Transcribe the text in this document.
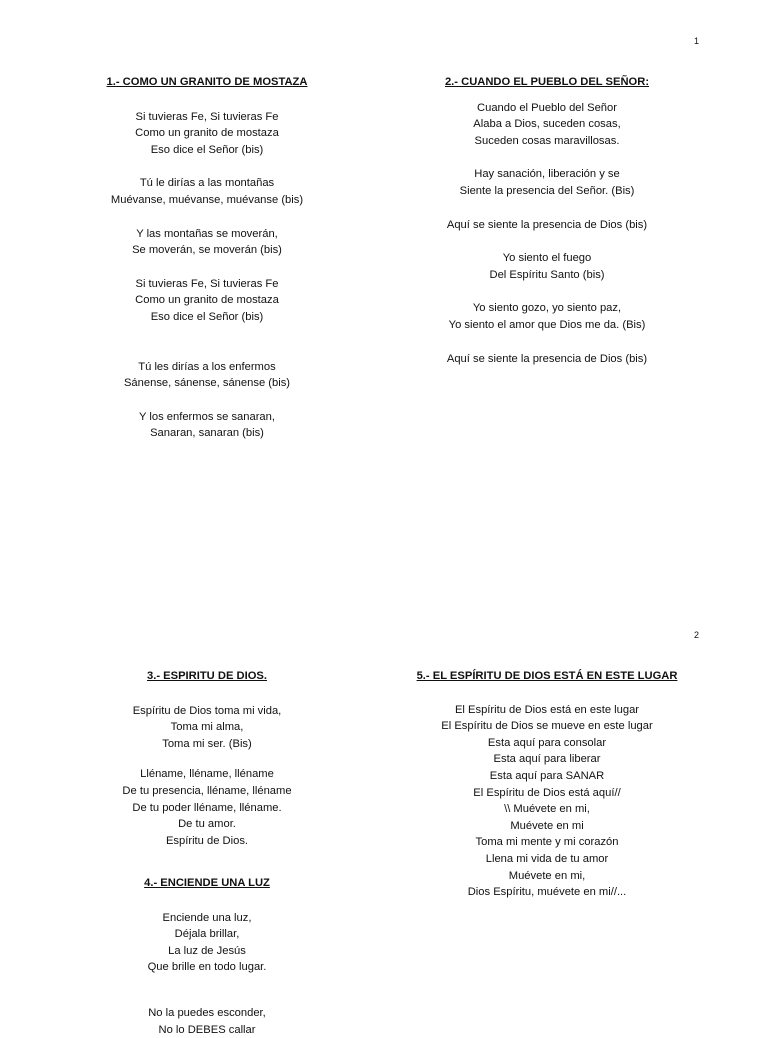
1
1.- COMO UN GRANITO DE MOSTAZA
Si tuvieras Fe, Si tuvieras Fe
Como un granito de mostaza
Eso dice el Señor (bis)
Tú le dirías a las montañas
Muévanse, muévanse, muévanse (bis)
Y las montañas se moverán,
Se moverán, se moverán (bis)
Si tuvieras Fe, Si tuvieras Fe
Como un granito de mostaza
Eso dice el Señor (bis)
Tú les dirías a los enfermos
Sánense, sánense, sánense (bis)
Y los enfermos se sanaran,
Sanaran, sanaran (bis)
2.- CUANDO EL PUEBLO DEL SEÑOR:
Cuando el Pueblo del Señor
Alaba a Dios, suceden cosas,
Suceden cosas maravillosas.
Hay sanación, liberación y se
Siente la presencia del Señor. (Bis)
Aquí se siente la presencia de Dios (bis)
Yo siento el fuego
Del Espíritu Santo (bis)
Yo siento gozo, yo siento paz,
Yo siento el amor que Dios me da. (Bis)
Aquí se siente la presencia de Dios (bis)
2
3.- ESPIRITU DE DIOS.
Espíritu de Dios toma mi vida,
Toma mi alma,
Toma mi ser. (Bis)
Lléname, lléname, lléname
De tu presencia, lléname, lléname
De tu poder lléname, lléname.
De tu amor.
Espíritu de Dios.
4.- ENCIENDE UNA LUZ
Enciende una luz,
Déjala brillar,
La luz de Jesús
Que brille en todo lugar.
No la puedes esconder,
No lo DEBES callar
5.- EL ESPÍRITU DE DIOS ESTÁ EN ESTE LUGAR
El Espíritu de Dios está en este lugar
El Espíritu de Dios se mueve en este lugar
Esta aquí para consolar
Esta aquí para liberar
Esta aquí para SANAR
El Espíritu de Dios está aquí//
\\ Muévete en mi,
Muévete en mi
Toma mi mente y mi corazón
Llena mi vida de tu amor
Muévete en mi,
Dios Espíritu, muévete en mi//...
